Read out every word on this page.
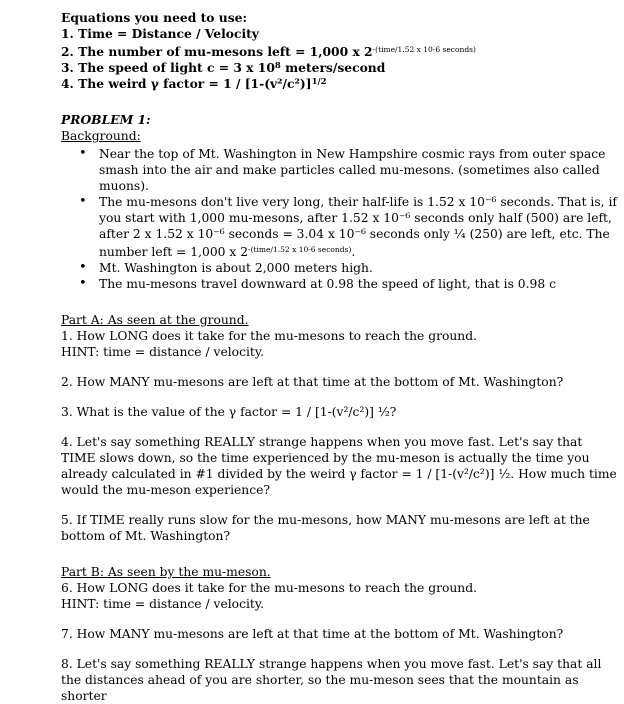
Equations you need to use:

1. Time = Distance / Velocity

2. The number of mu-mesons left = 1,000 x $2^{-(time/1.52 x 10-6 seconds)}$

3. The speed of light c = 3 x $10^8$ meters/second

4. The weird γ factor = $1 / [1-(v^2/c^2)]^{1/2}$

PROBLEM 1:

Background:

• Near the top of Mt. Washington in New Hampshire cosmic rays from outer space smash into the air and make particles called mu-mesons. (sometimes also called muons).
• The mu-mesons don't live very long, their half-life is 1.52 x 10⁻⁶ seconds. That is, if you start with 1,000 mu-mesons, after 1.52 x 10⁻⁶ seconds only half (500) are left, after 2 x 1.52 x 10⁻⁶ seconds = 3.04 x 10⁻⁶ seconds only ¼ (250) are left, etc. The number left = 1,000 x $2^{-(time/1.52 x 10-6 seconds)}$.
• Mt. Washington is about 2,000 meters high.
• The mu-mesons travel downward at 0.98 the speed of light, that is 0.98 c

Part A: As seen at the ground.

1. How LONG does it take for the mu-mesons to reach the ground.

HINT: time = distance / velocity.

2. How MANY mu-mesons are left at that time at the bottom of Mt. Washington?

3. What is the value of the γ factor = 1 / [1-(v²/c²)] ½?

4. Let's say something REALLY strange happens when you move fast. Let's say that TIME slows down, so the time experienced by the mu-meson is actually the time you already calculated in #1 divided by the weird γ factor = 1 / [1-(v²/c²)] ½. How much time would the mu-meson experience?

5. If TIME really runs slow for the mu-mesons, how MANY mu-mesons are left at the bottom of Mt. Washington?

Part B: As seen by the mu-meson.

6. How LONG does it take for the mu-mesons to reach the ground.

HINT: time = distance / velocity.

7. How MANY mu-mesons are left at that time at the bottom of Mt. Washington?

8. Let's say something REALLY strange happens when you move fast. Let's say that all the distances ahead of you are shorter, so the mu-meson sees that the mountain as shorter
